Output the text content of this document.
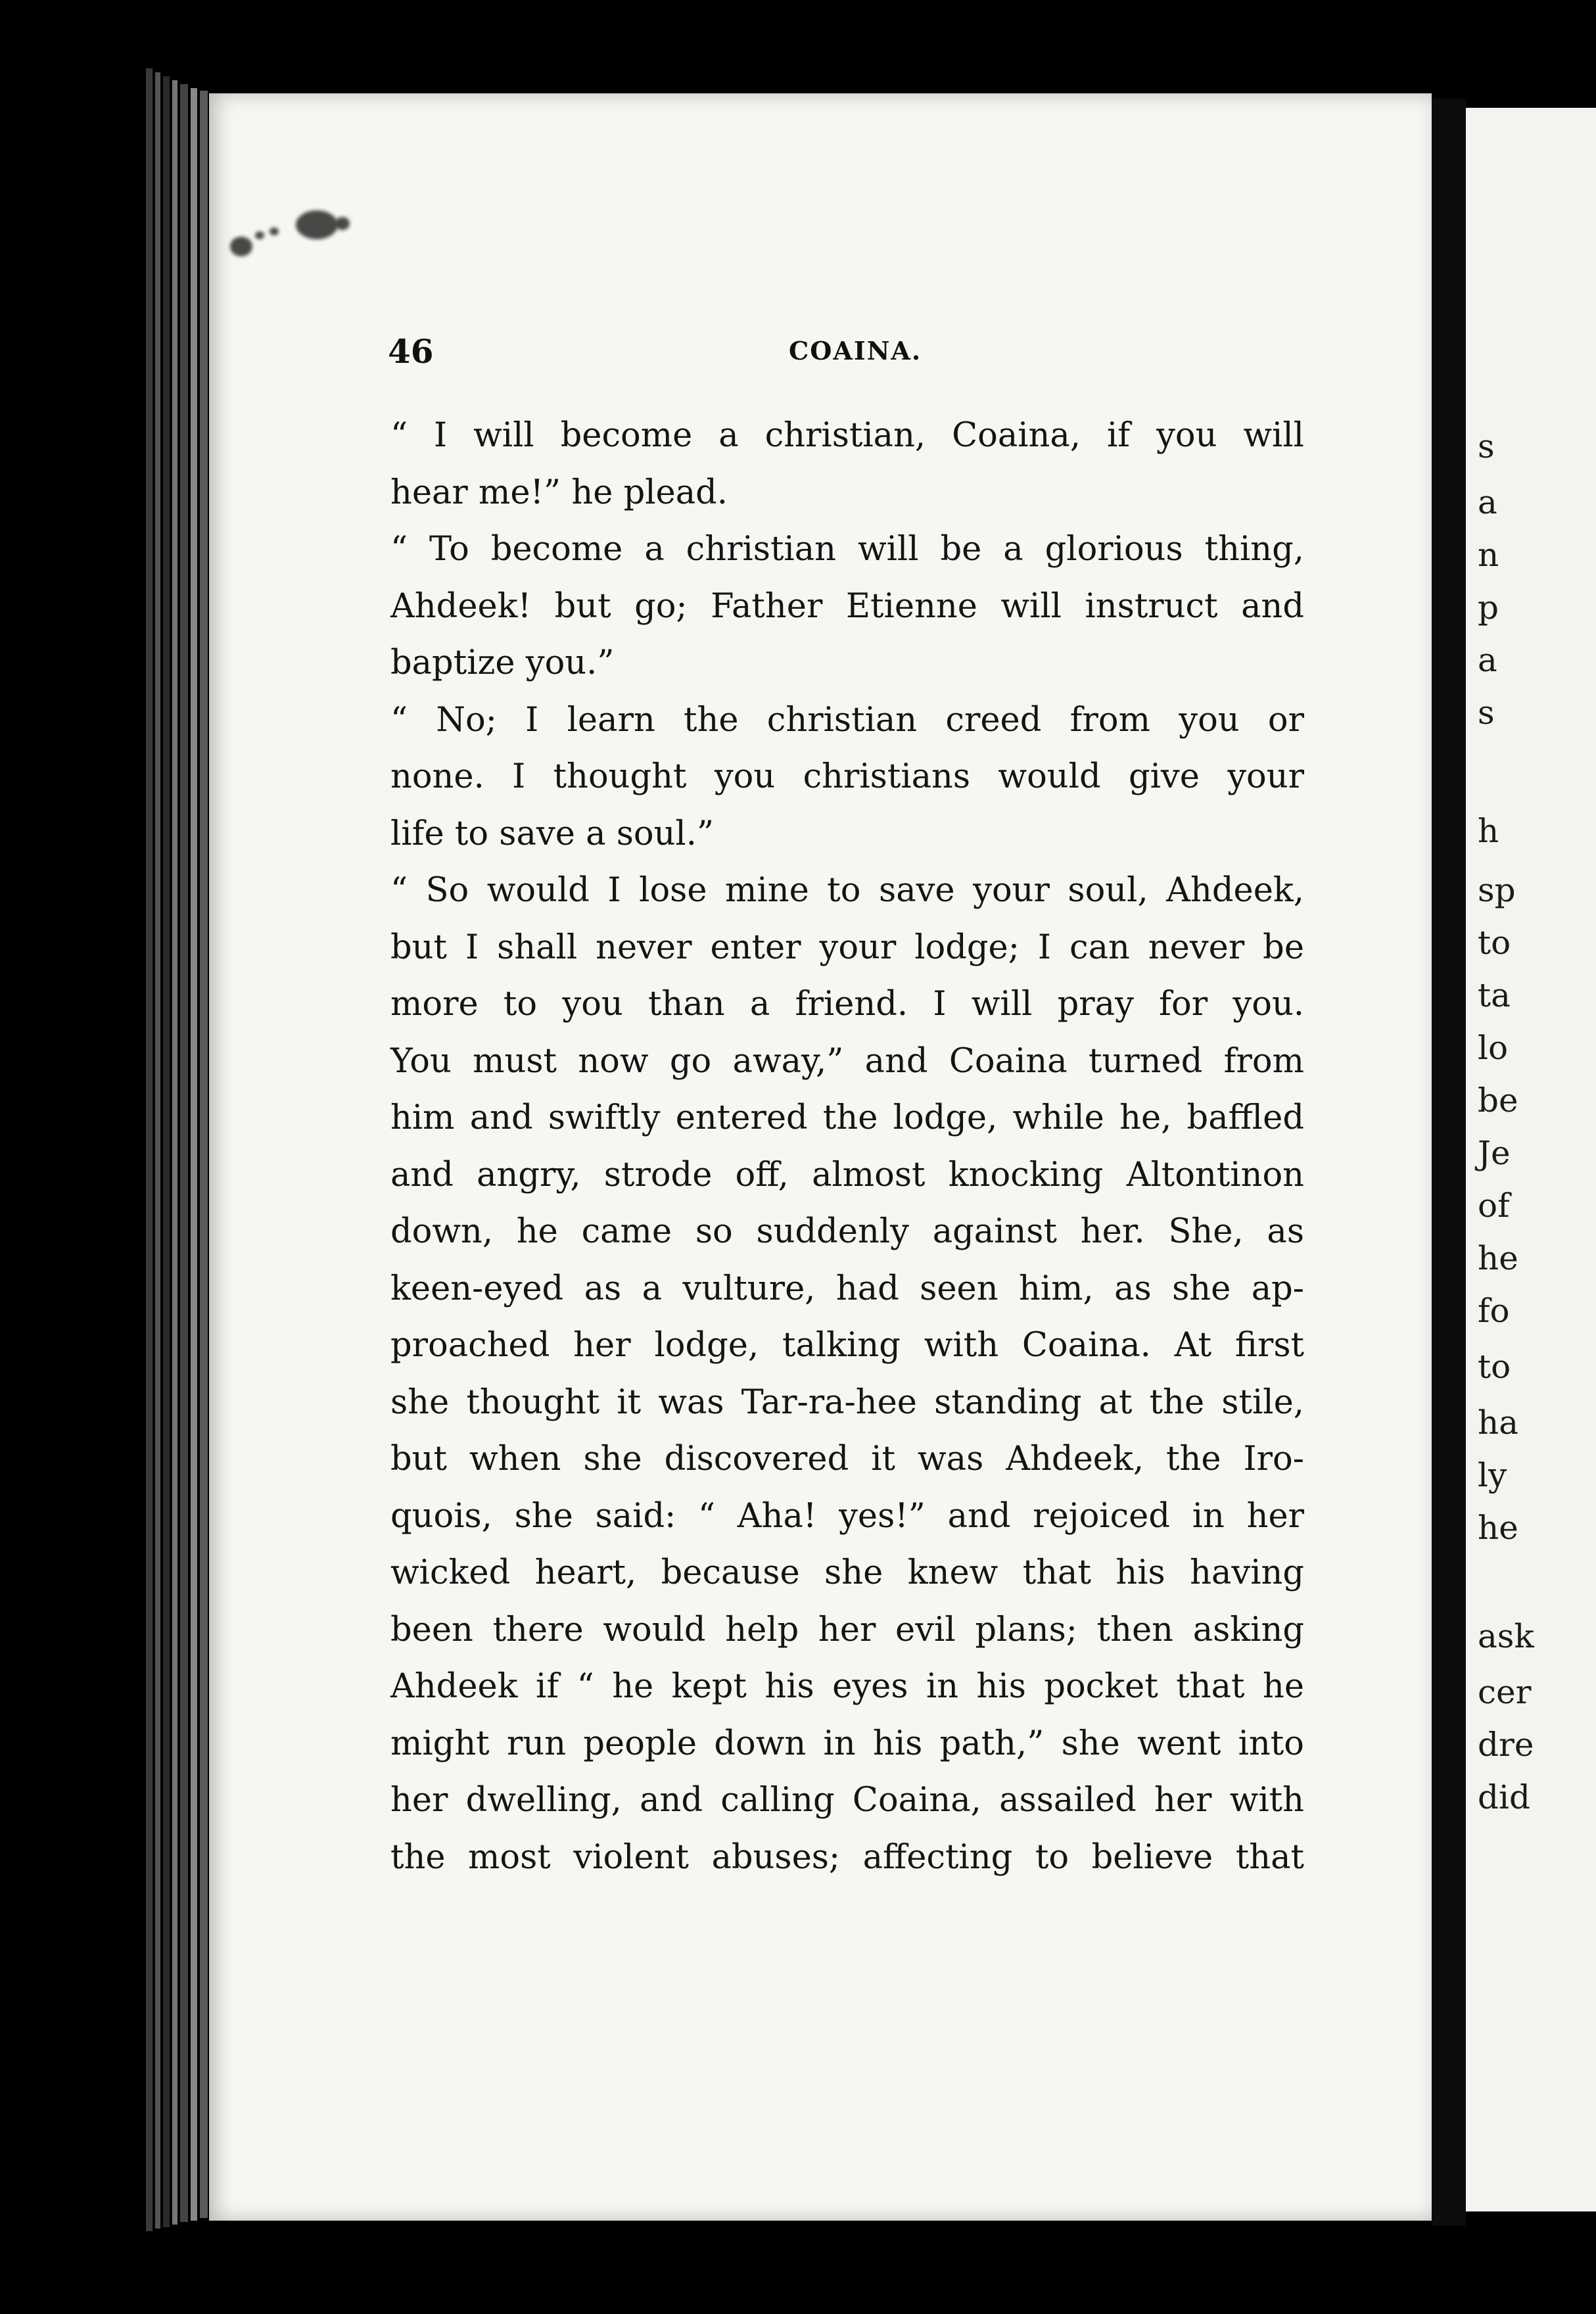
46	COAINA.
“ I will become a christian, Coaina, if you will
hear me!” he plead.
“ To become a christian will be a glorious thing,
Ahdeek! but go; Father Etienne will instruct and
baptize you.”
“ No; I learn the christian creed from you or
none. I thought you christians would give your
life to save a soul.”
“ So would I lose mine to save your soul, Ahdeek,
but I shall never enter your lodge; I can never be
more to you than a friend. I will pray for you.
You must now go away,” and Coaina turned from
him and swiftly entered the lodge, while he, baffled
and angry, strode off, almost knocking Altontinon
down, he came so suddenly against her. She, as
keen-eyed as a vulture, had seen him, as she ap-
proached her lodge, talking with Coaina. At first
she thought it was Tar-ra-hee standing at the stile,
but when she discovered it was Ahdeek, the Iro-
quois, she said: “ Aha! yes!” and rejoiced in her
wicked heart, because she knew that his having
been there would help her evil plans; then asking
Ahdeek if “ he kept his eyes in his pocket that he
might run people down in his path,” she went into
her dwelling, and calling Coaina, assailed her with
the most violent abuses; affecting to believe that
s
a
n
p
a
s
h
sp
to
ta
lo
be
Je
of
he
fo
to
ha
ly
he
ask
cer
dre
did
